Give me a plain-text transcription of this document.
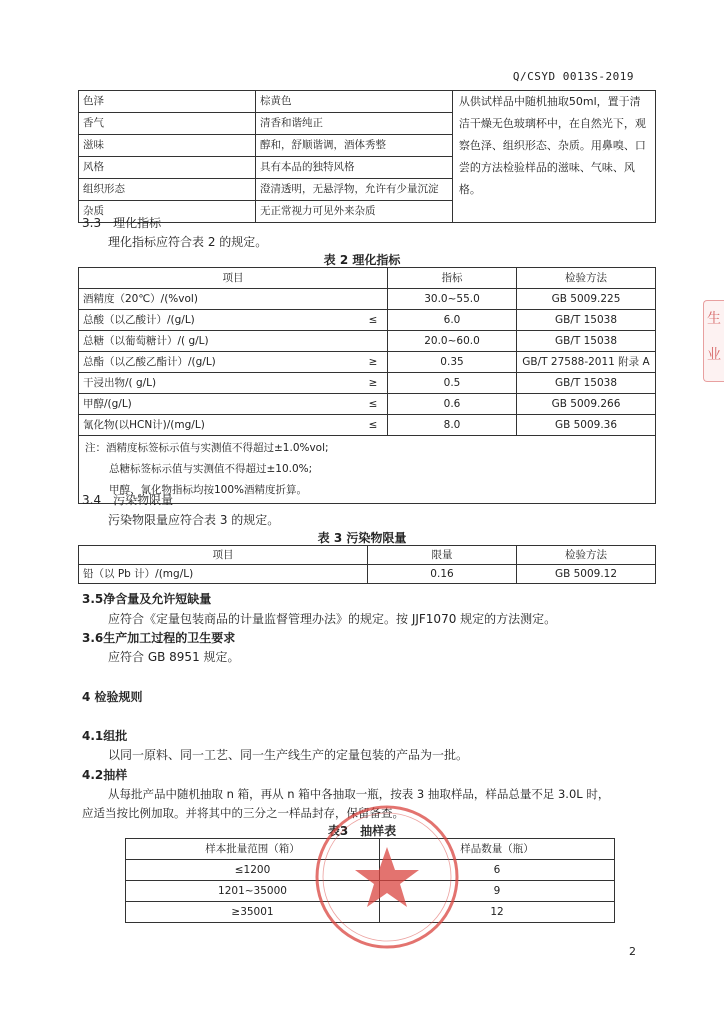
Q/CSYD 0013S-2019
色泽	棕黄色	从供试样品中随机抽取50ml，置于清洁干燥无色玻璃杯中，在自然光下，观察色泽、组织形态、杂质。用鼻嗅、口尝的方法检验样品的滋味、气味、风格。
香气	清香和谐纯正	
滋味	醇和，舒顺谐调，酒体秀整	
风格	具有本品的独特风格	
组织形态	澄清透明，无悬浮物，允许有少量沉淀	
杂质	无正常视力可见外来杂质	
3.3　理化指标
理化指标应符合表 2 的规定。
表 2 理化指标
项目		指标	检验方法
酒精度（20℃）/(%vol)		30.0~55.0	GB 5009.225
总酸（以乙酸计）/(g/L)	≤	6.0	GB/T 15038
总糖（以葡萄糖计）/( g/L)		20.0~60.0	GB/T 15038
总酯（以乙酸乙酯计）/(g/L)	≥	0.35	GB/T 27588-2011 附录 A
干浸出物/( g/L)	≥	0.5	GB/T 15038
甲醇/(g/L)	≤	0.6	GB 5009.266
氰化物(以HCN计)/(mg/L)	≤	8.0	GB 5009.36

注：酒精度标签标示值与实测值不得超过±1.0%vol;
总糖标签标示值与实测值不得超过±10.0%;
甲醇、氰化物指标均按100%酒精度折算。			
3.4　污染物限量
污染物限量应符合表 3 的规定。
表 3 污染物限量
项目	限量	检验方法
铅（以 Pb 计）/(mg/L)	0.16	GB 5009.12
3.5净含量及允许短缺量
应符合《定量包装商品的计量监督管理办法》的规定。按 JJF1070 规定的方法测定。
3.6生产加工过程的卫生要求
应符合 GB 8951 规定。
4 检验规则
4.1组批
以同一原料、同一工艺、同一生产线生产的定量包装的产品为一批。
4.2抽样
从每批产品中随机抽取 n 箱，再从 n 箱中各抽取一瓶，按表 3 抽取样品，样品总量不足 3.0L 时，
应适当按比例加取。并将其中的三分之一样品封存，保留备查。
表3　抽样表
样本批量范围（箱）	样品数量（瓶）
≤1200	6
1201~35000	9
≥35001	12
生
业
2
